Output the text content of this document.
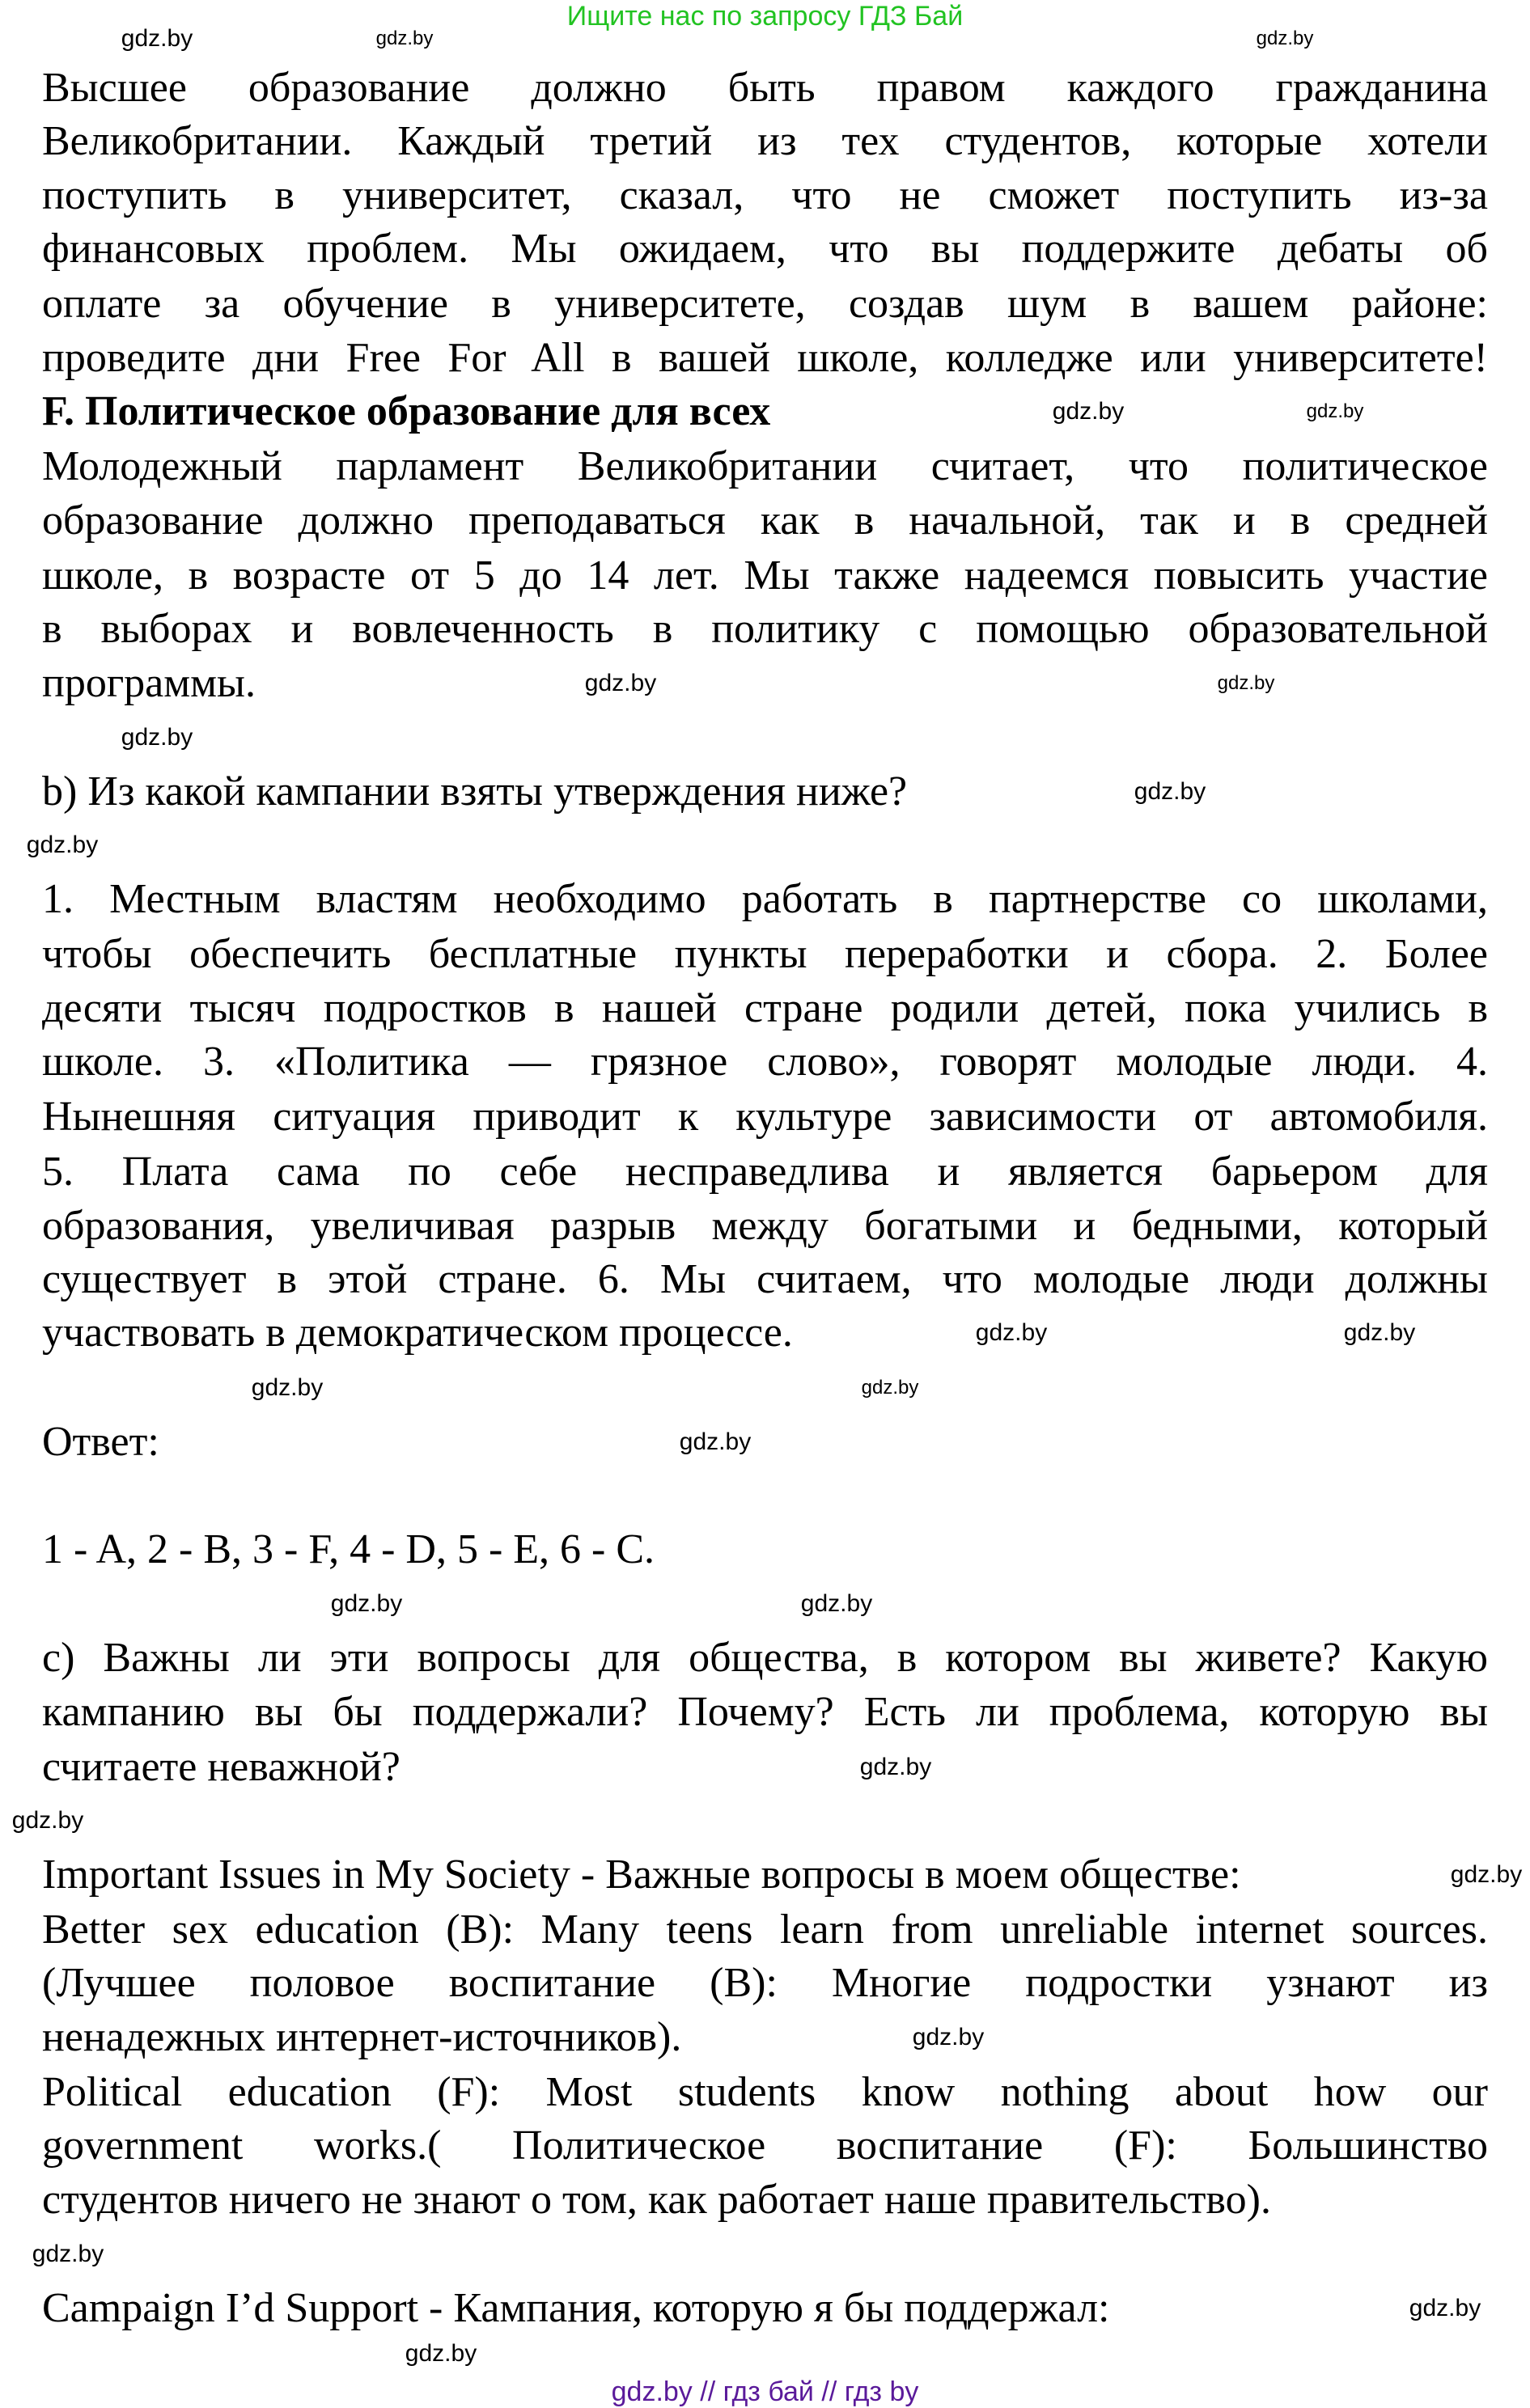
Ищите нас по запросу ГДЗ Бай
Высшее образование должно быть правом каждого гражданина
Великобритании. Каждый третий из тех студентов, которые хотели
поступить в университет, сказал, что не сможет поступить из-за
финансовых проблем. Мы ожидаем, что вы поддержите дебаты об
оплате за обучение в университете, создав шум в вашем районе:
проведите дни Free For All в вашей школе, колледже или университете!
F. Политическое образование для всех
Молодежный парламент Великобритании считает, что политическое
образование должно преподаваться как в начальной, так и в средней
школе, в возрасте от 5 до 14 лет. Мы также надеемся повысить участие
в выборах и вовлеченность в политику с помощью образовательной
программы.
b) Из какой кампании взяты утверждения ниже?
1. Местным властям необходимо работать в партнерстве со школами,
чтобы обеспечить бесплатные пункты переработки и сбора. 2. Более
десяти тысяч подростков в нашей стране родили детей, пока учились в
школе. 3. «Политика — грязное слово», говорят молодые люди. 4.
Нынешняя ситуация приводит к культуре зависимости от автомобиля.
5. Плата сама по себе несправедлива и является барьером для
образования, увеличивая разрыв между богатыми и бедными, который
существует в этой стране. 6. Мы считаем, что молодые люди должны
участвовать в демократическом процессе.
Ответ:
1 - A, 2 - B, 3 - F, 4 - D, 5 - E, 6 - C.
c) Важны ли эти вопросы для общества, в котором вы живете? Какую
кампанию вы бы поддержали? Почему? Есть ли проблема, которую вы
считаете неважной?
Important Issues in My Society - Важные вопросы в моем обществе:
Better sex education (B): Many teens learn from unreliable internet sources.
(Лучшее половое воспитание (B): Многие подростки узнают из
ненадежных интернет-источников).
Political education (F): Most students know nothing about how our
government works.( Политическое воспитание (F): Большинство
студентов ничего не знают о том, как работает наше правительство).
Campaign I’d Support - Кампания, которую я бы поддержал:
gdz.by	gdz.by	gdz.by
gdz.by
gdz.by
gdz.by
gdz.by
gdz.by
gdz.by
gdz.by
gdz.by
gdz.by
gdz.by
gdz.by
gdz.by
gdz.by
gdz.by
gdz.by
gdz.by
gdz.by
gdz.by
gdz.by
gdz.by
gdz.by
gdz.by // гдз бай // гдз by
